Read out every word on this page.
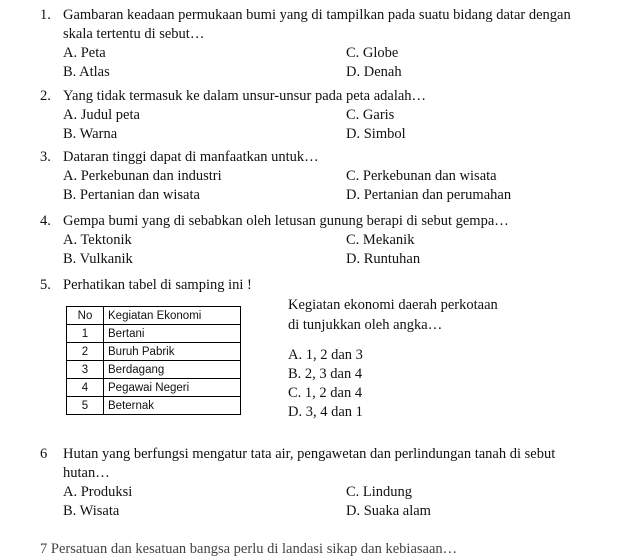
1. Gambaran keadaan permukaan bumi yang di tampilkan pada suatu bidang datar dengan skala tertentu di sebut…
A. Peta	C. Globe
B. Atlas	D. Denah
2. Yang tidak termasuk ke dalam unsur-unsur pada peta adalah…
A. Judul peta	C. Garis
B. Warna	D. Simbol
3. Dataran tinggi dapat di manfaatkan untuk…
A. Perkebunan dan industri	C. Perkebunan dan wisata
B. Pertanian dan wisata	D. Pertanian dan perumahan
4. Gempa bumi yang di sebabkan oleh letusan gunung berapi di sebut gempa…
A. Tektonik	C. Mekanik
B. Vulkanik	D. Runtuhan
5. Perhatikan tabel di samping ini !
No	Kegiatan Ekonomi
1	Bertani
2	Buruh Pabrik
3	Berdagang
4	Pegawai Negeri
5	Beternak
Kegiatan ekonomi daerah perkotaan
di tunjukkan oleh angka…
A. 1, 2 dan 3
B. 2, 3 dan 4
C. 1, 2 dan 4
D. 3, 4 dan 1
6 Hutan yang berfungsi mengatur tata air, pengawetan dan perlindungan tanah di sebut hutan…
A. Produksi	C. Lindung
B. Wisata	D. Suaka alam
7 Persatuan dan kesatuan bangsa perlu di landasi sikap dan kebiasaan…
